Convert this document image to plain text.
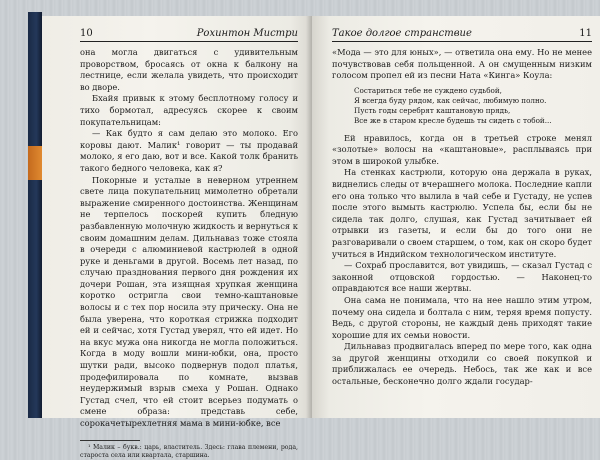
10	Рохинтон Мистри

она могла двигаться с удивительным проворством, бросаясь от окна к балкону на лестнице, если желала увидеть, что происходит во дворе.

Бхайя привык к этому бесплотному голосу и тихо бормотал, адресуясь скорее к своим покупательницам:

— Как будто я сам делаю это молоко. Его коровы дают. Малик¹ говорит — ты продавай молоко, я его даю, вот и все. Какой толк бранить такого бедного человека, как я?

Покорные и усталые в неверном утреннем свете лица покупательниц мимолетно обретали выражение смиренного достоинства. Женщинам не терпелось поскорей купить бледную разбавленную молочную жидкость и вернуться к своим домашним делам. Дильнаваз тоже стояла в очереди с алюминиевой кастрюлей в одной руке и деньгами в другой. Восемь лет назад, по случаю празднования первого дня рождения их дочери Рошан, эта изящная хрупкая женщина коротко остригла свои темно-каштановые волосы и с тех пор носила эту прическу. Она не была уверена, что короткая стрижка подходит ей и сейчас, хотя Густад уверял, что ей идет. Но на вкус мужа она никогда не могла положиться. Когда в моду вошли мини-юбки, она, просто шутки ради, высоко подвернув подол платья, продефилировала по комнате, вызвав неудержимый взрыв смеха у Рошан. Однако Густад счел, что ей стоит всерьез подумать о смене образа: представь себе, сорокачетырехлетняя мама в мини-юбке, все

¹ Малик – букв.: царь, властитель. Здесь: глава племени, рода, староста села или квартала, старшина.
Такое долгое странствие	11

«Мода — это для юных», — ответила она ему. Но не менее почувствовав себя польщенной. А он смущенным низким голосом пропел ей из песни Ната «Кинга» Коула:

Состариться тебе не суждено судьбой,
Я всегда буду рядом, как сейчас, любимую полно.
Пусть годы серебрят каштановую прядь,
Все же в старом креслe будешь ты сидеть с тобой...

Ей нравилось, когда он в третьей строке менял «золотые» волосы на «каштановые», расплываясь при этом в широкой улыбке.

На стенках кастрюли, которую она держала в руках, виднелись следы от вчерашнего молока. Последние капли его она только что вылила в чай себе и Густаду, не успев после этого вымыть кастрюлю. Успела бы, если бы не сидела так долго, слушая, как Густад зачитывает ей отрывки из газеты, и если бы до того они не разговаривали о своем старшем, о том, как он скоро будет учиться в Индийском технологическом институте.

— Сохраб прославится, вот увидишь, — сказал Густад с законной отцовской гордостью. — Наконец-то оправдаются все наши жертвы.

Она сама не понимала, что на нее нашло этим утром, почему она сидела и болтала с ним, теряя время попусту. Ведь, с другой стороны, не каждый день приходят такие хорошие для их семьи новости.

Дильнаваз продвигалась вперед по мере того, как одна за другой женщины отходили со своей покупкой и приближалась ее очередь. Небось, так же как и все остальные, бесконечно долго ждали государ-
